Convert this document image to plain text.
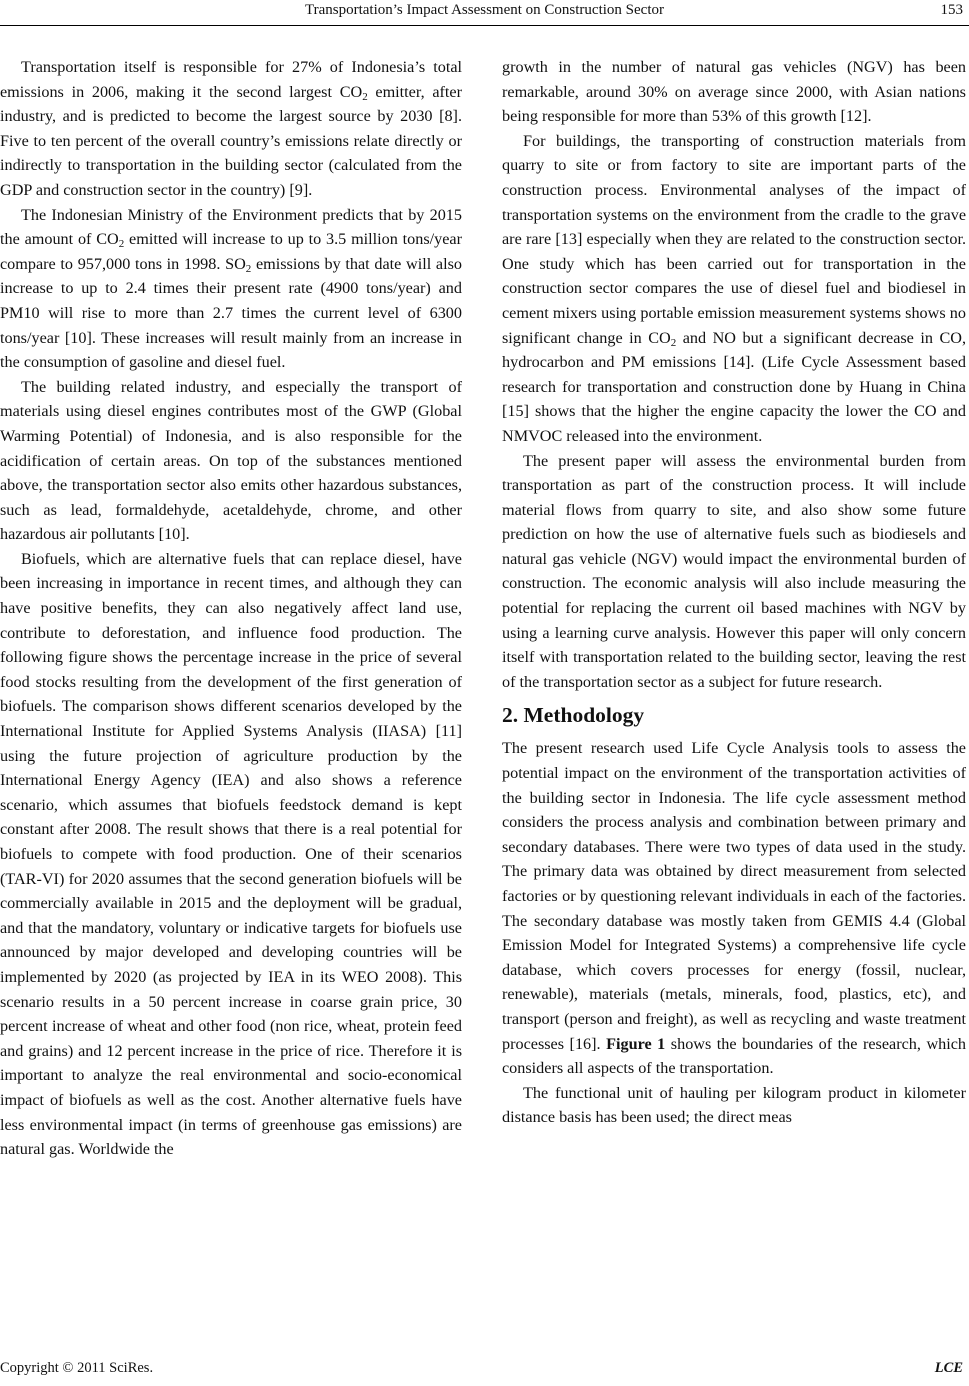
Transportation’s Impact Assessment on Construction Sector	153

Transportation itself is responsible for 27% of Indonesia’s total emissions in 2006, making it the second largest $CO_2$ emitter, after industry, and is predicted to become the largest source by 2030 [8]. Five to ten percent of the overall country’s emissions relate directly or indirectly to transportation in the building sector (calculated from the GDP and construction sector in the country) [9].

The Indonesian Ministry of the Environment predicts that by 2015 the amount of $CO_2$ emitted will increase to up to 3.5 million tons/year compare to 957,000 tons in 1998. $SO_2$ emissions by that date will also increase to up to 2.4 times their present rate (4900 tons/year) and PM10 will rise to more than 2.7 times the current level of 6300 tons/year [10]. These increases will result mainly from an increase in the consumption of gasoline and diesel fuel.

The building related industry, and especially the transport of materials using diesel engines contributes most of the GWP (Global Warming Potential) of Indonesia, and is also responsible for the acidification of certain areas. On top of the substances mentioned above, the transportation sector also emits other hazardous substances, such as lead, formaldehyde, acetaldehyde, chrome, and other hazardous air pollutants [10].

Biofuels, which are alternative fuels that can replace diesel, have been increasing in importance in recent times, and although they can have positive benefits, they can also negatively affect land use, contribute to deforestation, and influence food production. The following figure shows the percentage increase in the price of several food stocks resulting from the development of the first generation of biofuels. The comparison shows different scenarios developed by the International Institute for Applied Systems Analysis (IIASA) [11] using the future projection of agriculture production by the International Energy Agency (IEA) and also shows a reference scenario, which assumes that biofuels feedstock demand is kept constant after 2008. The result shows that there is a real potential for biofuels to compete with food production. One of their scenarios (TAR-VI) for 2020 assumes that the second generation biofuels will be commercially available in 2015 and the deployment will be gradual, and that the mandatory, voluntary or indicative targets for biofuels use announced by major developed and developing countries will be implemented by 2020 (as projected by IEA in its WEO 2008). This scenario results in a 50 percent increase in coarse grain price, 30 percent increase of wheat and other food (non rice, wheat, protein feed and grains) and 12 percent increase in the price of rice. Therefore it is important to analyze the real environmental and socio-economical impact of biofuels as well as the cost. Another alternative fuels have less environmental impact (in terms of greenhouse gas emissions) are natural gas. Worldwide the

growth in the number of natural gas vehicles (NGV) has been remarkable, around 30% on average since 2000, with Asian nations being responsible for more than 53% of this growth [12].

For buildings, the transporting of construction materials from quarry to site or from factory to site are important parts of the construction process. Environmental analyses of the impact of transportation systems on the environment from the cradle to the grave are rare [13] especially when they are related to the construction sector. One study which has been carried out for transportation in the construction sector compares the use of diesel fuel and biodiesel in cement mixers using portable emission measurement systems shows no significant change in $CO_2$ and NO but a significant decrease in CO, hydrocarbon and PM emissions [14]. (Life Cycle Assessment based research for transportation and construction done by Huang in China [15] shows that the higher the engine capacity the lower the CO and NMVOC released into the environment.

The present paper will assess the environmental burden from transportation as part of the construction process. It will include material flows from quarry to site, and also show some future prediction on how the use of alternative fuels such as biodiesels and natural gas vehicle (NGV) would impact the environmental burden of construction. The economic analysis will also include measuring the potential for replacing the current oil based machines with NGV by using a learning curve analysis. However this paper will only concern itself with transportation related to the building sector, leaving the rest of the transportation sector as a subject for future research.

2. Methodology

The present research used Life Cycle Analysis tools to assess the potential impact on the environment of the transportation activities of the building sector in Indonesia. The life cycle assessment method considers the process analysis and combination between primary and secondary databases. There were two types of data used in the study. The primary data was obtained by direct measurement from selected factories or by questioning relevant individuals in each of the factories. The secondary database was mostly taken from GEMIS 4.4 (Global Emission Model for Integrated Systems) a comprehensive life cycle database, which covers processes for energy (fossil, nuclear, renewable), materials (metals, minerals, food, plastics, etc), and transport (person and freight), as well as recycling and waste treatment processes [16]. Figure 1 shows the boundaries of the research, which considers all aspects of the transportation.

The functional unit of hauling per kilogram product in kilometer distance basis has been used; the direct meas

Copyright © 2011 SciRes.	LCE
